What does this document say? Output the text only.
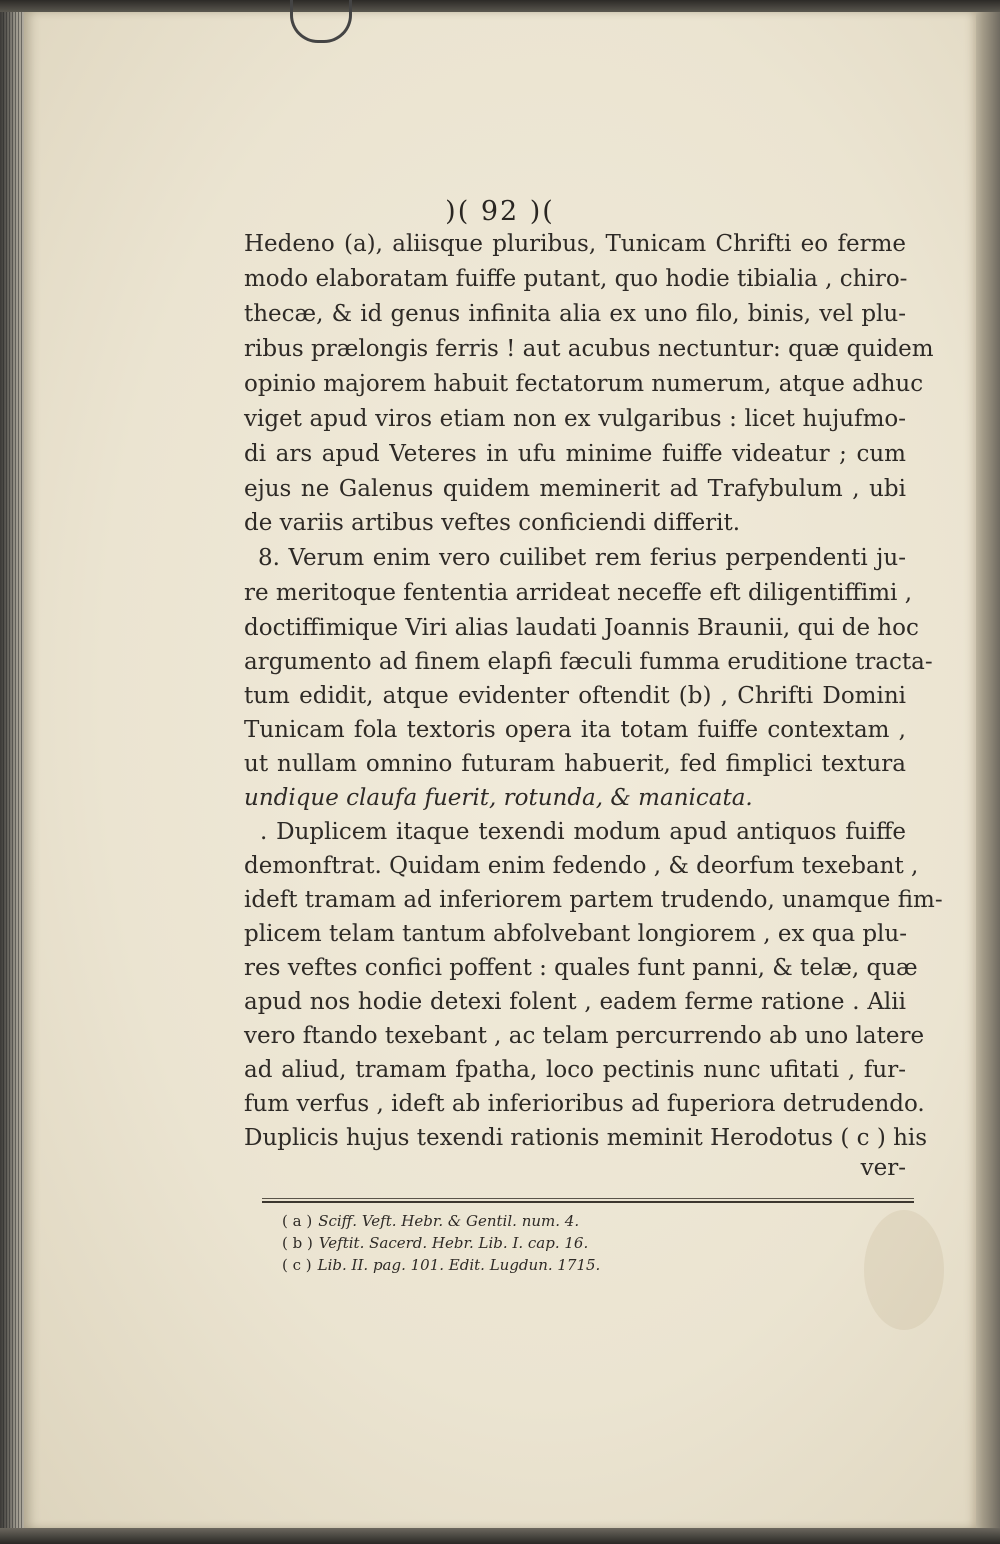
)( 92 )(
Hedeno (a), aliisque pluribus, Tunicam Chrifti eo ferme
modo elaboratam fuiffe putant, quo hodie tibialia , chiro-
thecæ, & id genus infinita alia ex uno filo, binis, vel plu-
ribus prælongis ferris ! aut acubus nectuntur: quæ quidem
opinio majorem habuit fectatorum numerum, atque adhuc
viget apud viros etiam non ex vulgaribus : licet hujufmo-
di ars apud Veteres in ufu minime fuiffe videatur ; cum
ejus ne Galenus quidem meminerit ad Trafybulum , ubi
de variis artibus veftes conficiendi differit.
8. Verum enim vero cuilibet rem ferius perpendenti ju-
re meritoque fententia arrideat neceffe eft diligentiffimi ,
doctiffimique Viri alias laudati Joannis Braunii, qui de hoc
argumento ad finem elapfi fæculi fumma eruditione tracta-
tum edidit, atque evidenter oftendit (b) , Chrifti Domini
Tunicam fola textoris opera ita totam fuiffe contextam ,
ut nullam omnino futuram habuerit, fed fimplici textura
undique claufa fuerit, rotunda, & manicata.
. Duplicem itaque texendi modum apud antiquos fuiffe
demonftrat. Quidam enim fedendo , & deorfum texebant ,
ideft tramam ad inferiorem partem trudendo, unamque fim-
plicem telam tantum abfolvebant longiorem , ex qua plu-
res veftes confici poffent : quales funt panni, & telæ, quæ
apud nos hodie detexi folent , eadem ferme ratione . Alii
vero ftando texebant , ac telam percurrendo ab uno latere
ad aliud, tramam fpatha, loco pectinis nunc ufitati , fur-
fum verfus , ideft ab inferioribus ad fuperiora detrudendo.
Duplicis hujus texendi rationis meminit Herodotus ( c ) his
ver-
( a ) Sciff. Veft. Hebr. & Gentil. num. 4.
( b ) Veftit. Sacerd. Hebr. Lib. I. cap. 16.
( c ) Lib. II. pag. 101. Edit. Lugdun. 1715.
